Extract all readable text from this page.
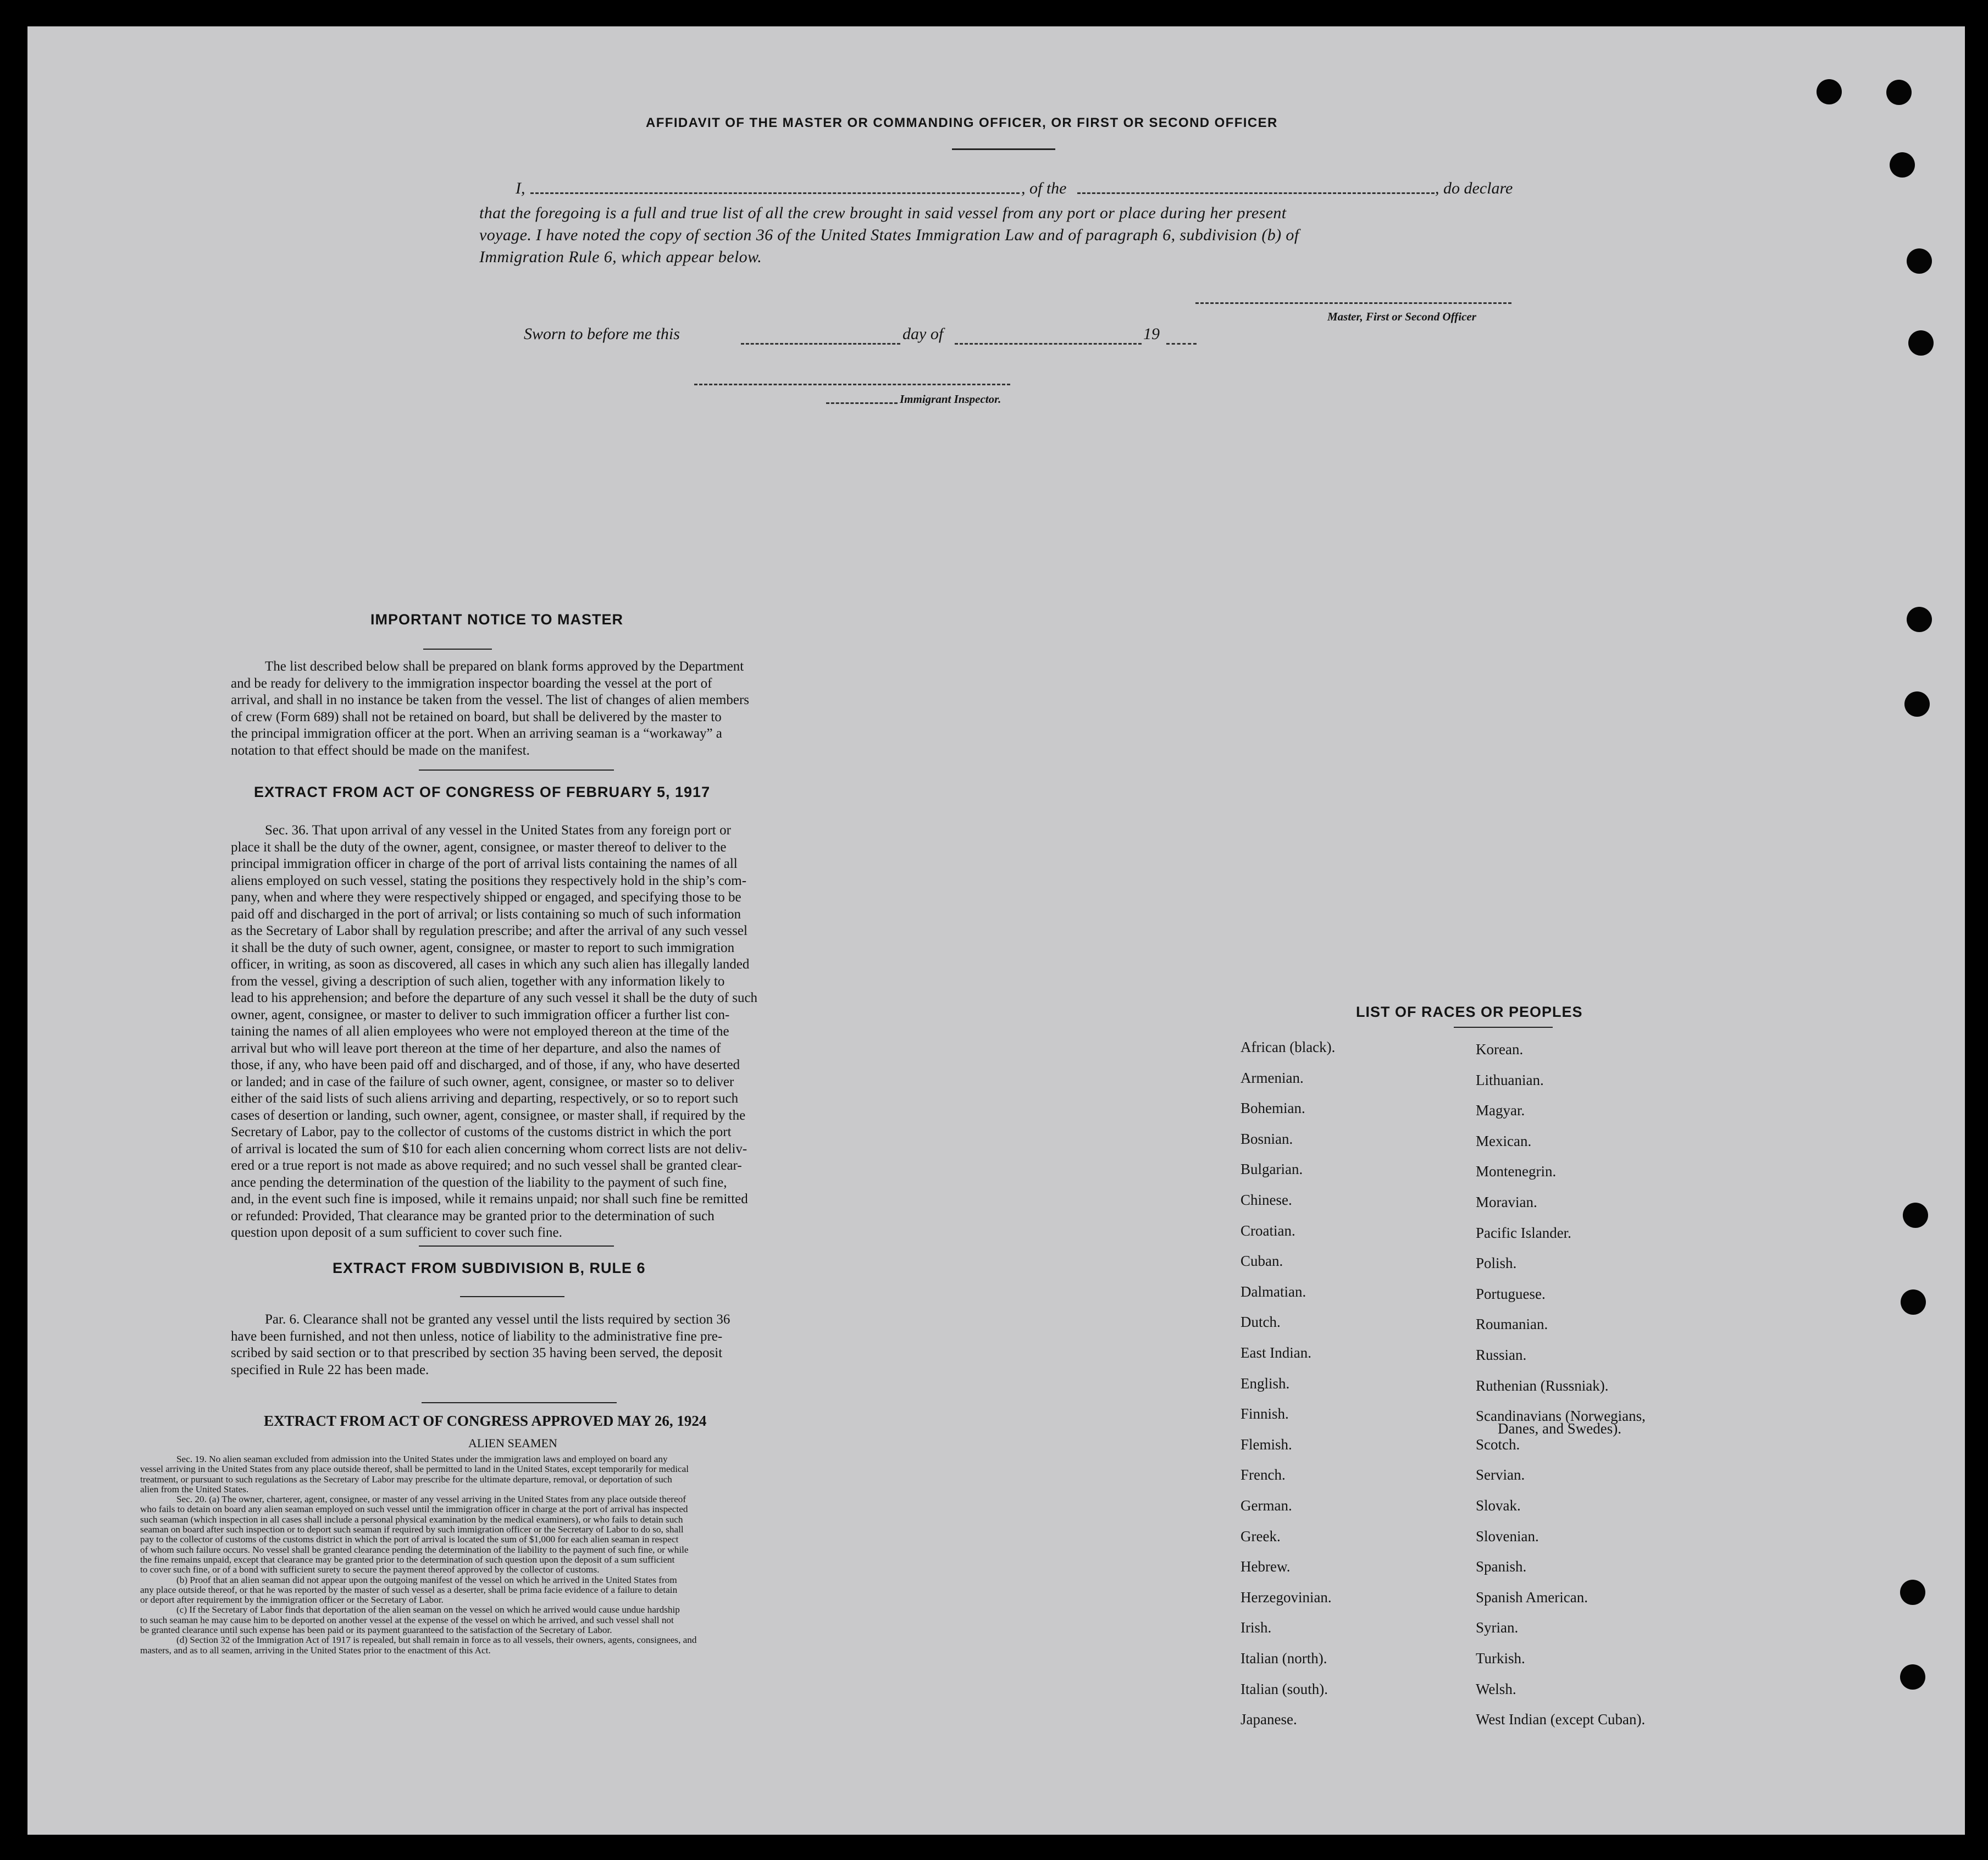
AFFIDAVIT OF THE MASTER OR COMMANDING OFFICER, OR FIRST OR SECOND OFFICER
I,	, of the	, do declare
that the foregoing is a full and true list of all the crew brought in said vessel from any port or place during her present
voyage. I have noted the copy of section 36 of the United States Immigration Law and of paragraph 6, subdivision (b) of
Immigration Rule 6, which appear below.
Master, First or Second Officer
Sworn to before me this	day of	19
Immigrant Inspector.
IMPORTANT NOTICE TO MASTER
The list described below shall be prepared on blank forms approved by the Department
and be ready for delivery to the immigration inspector boarding the vessel at the port of
arrival, and shall in no instance be taken from the vessel. The list of changes of alien members
of crew (Form 689) shall not be retained on board, but shall be delivered by the master to
the principal immigration officer at the port. When an arriving seaman is a “workaway” a
notation to that effect should be made on the manifest.
EXTRACT FROM ACT OF CONGRESS OF FEBRUARY 5, 1917
Sec. 36. That upon arrival of any vessel in the United States from any foreign port or
place it shall be the duty of the owner, agent, consignee, or master thereof to deliver to the
principal immigration officer in charge of the port of arrival lists containing the names of all
aliens employed on such vessel, stating the positions they respectively hold in the ship’s com-
pany, when and where they were respectively shipped or engaged, and specifying those to be
paid off and discharged in the port of arrival; or lists containing so much of such information
as the Secretary of Labor shall by regulation prescribe; and after the arrival of any such vessel
it shall be the duty of such owner, agent, consignee, or master to report to such immigration
officer, in writing, as soon as discovered, all cases in which any such alien has illegally landed
from the vessel, giving a description of such alien, together with any information likely to
lead to his apprehension; and before the departure of any such vessel it shall be the duty of such
owner, agent, consignee, or master to deliver to such immigration officer a further list con-
taining the names of all alien employees who were not employed thereon at the time of the
arrival but who will leave port thereon at the time of her departure, and also the names of
those, if any, who have been paid off and discharged, and of those, if any, who have deserted
or landed; and in case of the failure of such owner, agent, consignee, or master so to deliver
either of the said lists of such aliens arriving and departing, respectively, or so to report such
cases of desertion or landing, such owner, agent, consignee, or master shall, if required by the
Secretary of Labor, pay to the collector of customs of the customs district in which the port
of arrival is located the sum of $10 for each alien concerning whom correct lists are not deliv-
ered or a true report is not made as above required; and no such vessel shall be granted clear-
ance pending the determination of the question of the liability to the payment of such fine,
and, in the event such fine is imposed, while it remains unpaid; nor shall such fine be remitted
or refunded: Provided, That clearance may be granted prior to the determination of such
question upon deposit of a sum sufficient to cover such fine.
EXTRACT FROM SUBDIVISION B, RULE 6
Par. 6. Clearance shall not be granted any vessel until the lists required by section 36
have been furnished, and not then unless, notice of liability to the administrative fine pre-
scribed by said section or to that prescribed by section 35 having been served, the deposit
specified in Rule 22 has been made.
EXTRACT FROM ACT OF CONGRESS APPROVED MAY 26, 1924
ALIEN SEAMEN
Sec. 19. No alien seaman excluded from admission into the United States under the immigration laws and employed on board any
vessel arriving in the United States from any place outside thereof, shall be permitted to land in the United States, except temporarily for medical
treatment, or pursuant to such regulations as the Secretary of Labor may prescribe for the ultimate departure, removal, or deportation of such
alien from the United States.
Sec. 20. (a) The owner, charterer, agent, consignee, or master of any vessel arriving in the United States from any place outside thereof
who fails to detain on board any alien seaman employed on such vessel until the immigration officer in charge at the port of arrival has inspected
such seaman (which inspection in all cases shall include a personal physical examination by the medical examiners), or who fails to detain such
seaman on board after such inspection or to deport such seaman if required by such immigration officer or the Secretary of Labor to do so, shall
pay to the collector of customs of the customs district in which the port of arrival is located the sum of $1,000 for each alien seaman in respect
of whom such failure occurs. No vessel shall be granted clearance pending the determination of the liability to the payment of such fine, or while
the fine remains unpaid, except that clearance may be granted prior to the determination of such question upon the deposit of a sum sufficient
to cover such fine, or of a bond with sufficient surety to secure the payment thereof approved by the collector of customs.
(b) Proof that an alien seaman did not appear upon the outgoing manifest of the vessel on which he arrived in the United States from
any place outside thereof, or that he was reported by the master of such vessel as a deserter, shall be prima facie evidence of a failure to detain
or deport after requirement by the immigration officer or the Secretary of Labor.
(c) If the Secretary of Labor finds that deportation of the alien seaman on the vessel on which he arrived would cause undue hardship
to such seaman he may cause him to be deported on another vessel at the expense of the vessel on which he arrived, and such vessel shall not
be granted clearance until such expense has been paid or its payment guaranteed to the satisfaction of the Secretary of Labor.
(d) Section 32 of the Immigration Act of 1917 is repealed, but shall remain in force as to all vessels, their owners, agents, consignees, and
masters, and as to all seamen, arriving in the United States prior to the enactment of this Act.
LIST OF RACES OR PEOPLES
African (black).
Armenian.
Bohemian.
Bosnian.
Bulgarian.
Chinese.
Croatian.
Cuban.
Dalmatian.
Dutch.
East Indian.
English.
Finnish.
Flemish.
French.
German.
Greek.
Hebrew.
Herzegovinian.
Irish.
Italian (north).
Italian (south).
Japanese.
Korean.
Lithuanian.
Magyar.
Mexican.
Montenegrin.
Moravian.
Pacific Islander.
Polish.
Portuguese.
Roumanian.
Russian.
Ruthenian (Russniak).
Scandinavians (Norwegians,
Danes, and Swedes).
Scotch.
Servian.
Slovak.
Slovenian.
Spanish.
Spanish American.
Syrian.
Turkish.
Welsh.
West Indian (except Cuban).
